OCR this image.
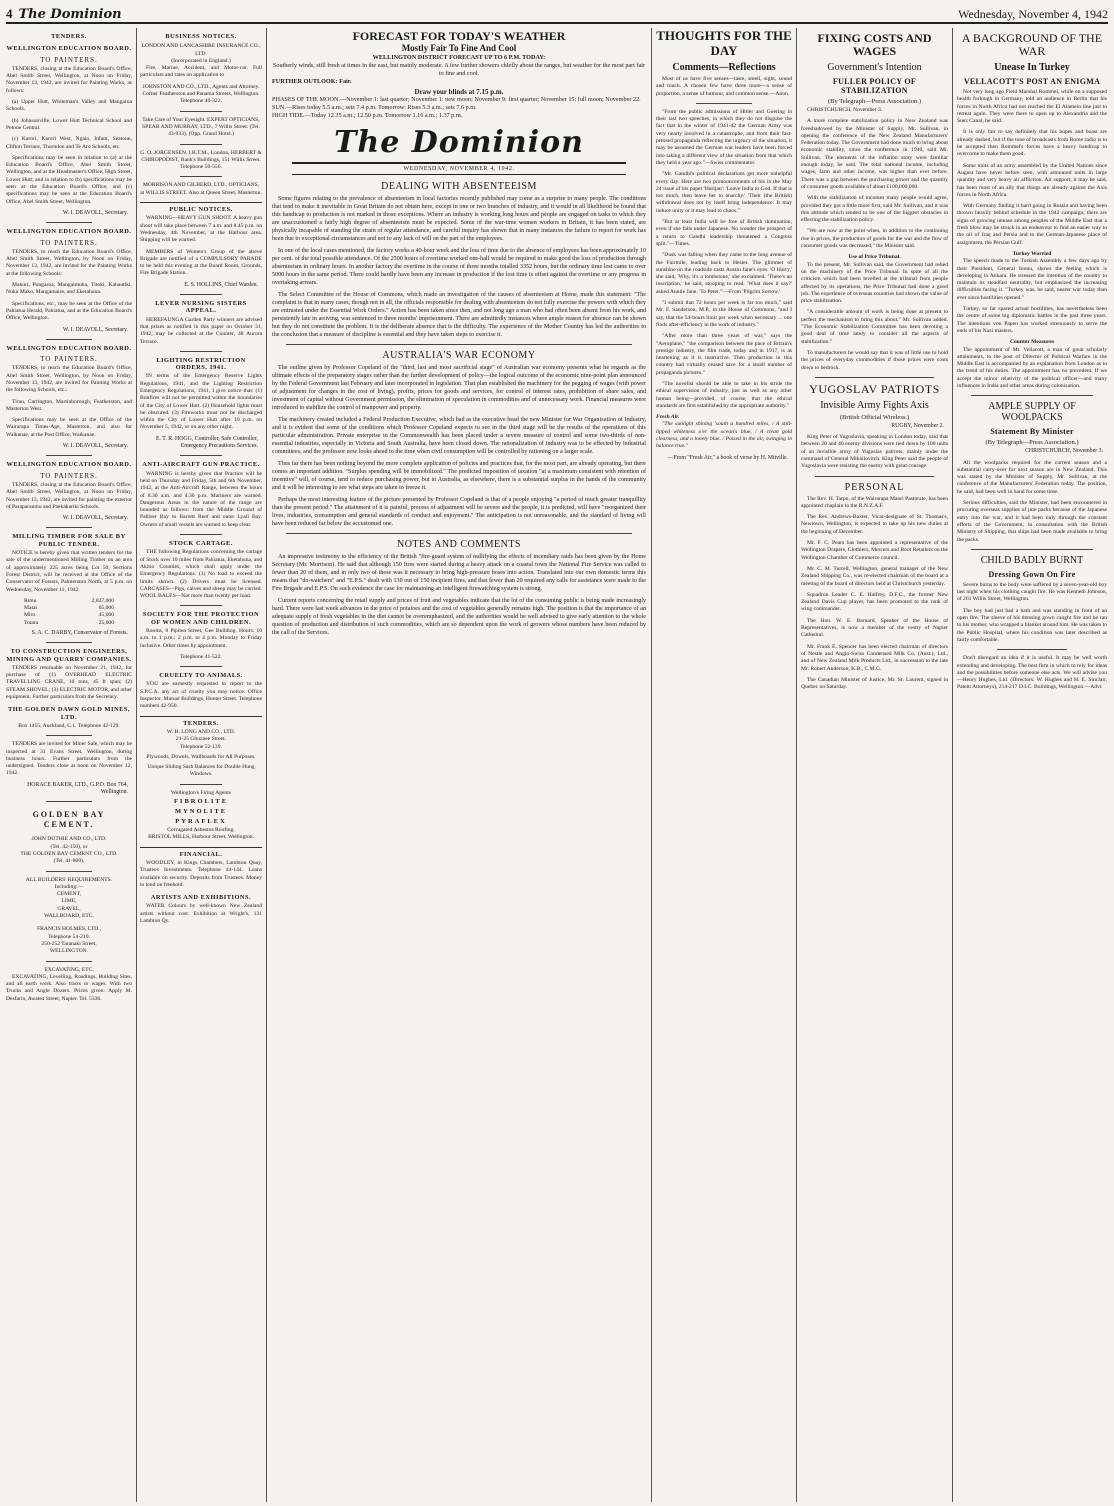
4 The Dominion	Wednesday, November 4, 1942
TENDERS.
WELLINGTON EDUCATION BOARD.
TO PAINTERS.

TENDERS, closing at the Education Board's Office, Abel Smith Street, Wellington, at Noon on Friday, November 13, 1942, are invited for Painting Works, as follows:

(a) Upper Hutt, Whiteman's Valley and Mangaroa Schools.

(b) Johnsonville, Lower Hutt Technical School and Petone Central.

(c) Karori, Karori West, Ngaio, Infant, Seatoun, Clifton Terrace, Thorndon and Te Aro Schools, etc.

Specifications may be seen in relation to (a) at the Education Board's Office, Abel Smith Street, Wellington, and at the Headmaster's Office, High Street, Lower Hutt; and in relation to (b) specifications may be seen at the Education Board's Office; and (c) specifications may be seen at the Education Board's Office, Abel Smith Street, Wellington.

W. I. DEAVOLL, Secretary.
WELLINGTON EDUCATION BOARD.
TO PAINTERS.

TENDERS, to reach the Education Board's Office, Abel Smith Street, Wellington, by Noon on Friday, November 13, 1942, are invited for the Painting Works at the following Schools:

Makuri, Pongaroa, Mangaimuka, Titoki, Kahautiki, Nuku Mako, Mangamaire, and Eketahuna.

Specifications, etc., may be seen at the Office of the Pahiatua Herald, Pahiatua, and at the Education Board's Office, Wellington.

W. I. DEAVOLL, Secretary.
WELLINGTON EDUCATION BOARD.
TO PAINTERS.

TENDERS, to reach the Education Board's Office, Abel Smith Street, Wellington, by Noon on Friday, November 13, 1942, are invited for Painting Works at the following Schools, etc.:

Tirau, Carrington, Martinborough, Featherston, and Masterton West.

Specifications may be seen at the Office of the Wairarapa Times-Age, Masterton, and also for Waikanae, at the Post Office, Waikanae.

W. I. DEAVOLL, Secretary.
WELLINGTON EDUCATION BOARD.
TO PAINTERS.

TENDERS, closing at the Education Board's Office, Abel Smith Street, Wellington, at Noon on Friday, November 13, 1942, are invited for painting the exterior of Paraparaumu and Paekakariki Schools.

W. I. DEAVOLL, Secretary.
MILLING TIMBER FOR SALE BY PUBLIC TENDER.

NOTICE is hereby given that written tenders for the sale of the undermentioned Milling Timber on an area of approximately 225 acres being Lot 50, Sections Forest District, will be received at the Office of the Conservator of Forests, Palmerston North, at 5 p.m. on Wednesday, November 11, 1942.

Rimu	2,837,000
Matai	65,000
Miro	45,000
Totara	25,000
S. A. C. DARBY, Conservator of Forests.
TO CONSTRUCTION ENGINEERS, MINING AND QUARRY COMPANIES.

TENDERS returnable on November 21, 1942, for purchase of (1) OVERHEAD ELECTRIC TRAVELLING CRANE, 10 tons, 45 ft span; (2) STEAM SHOVEL; (3) ELECTRIC MOTOR, and other equipment. Further particulars from the Secretary.

THE GOLDEN DAWN GOLD MINES, LTD.
Box 1455, Auckland, C.1. Telephone 42-129.

TENDERS are invited for Miner Sale, which may be inspected at 31 Evans Street, Wellington, during business hours. Further particulars from the undersigned. Tenders close at noon on November 12, 1942.

HORACE BAKER, LTD., G.P.O. Box 764, Wellington.
GOLDEN BAY CEMENT.
JOHN DUTHIE AND CO., LTD.
(Tel. 42-150), or
THE GOLDEN BAY CEMENT CO., LTD.
(Tel. 41-800).
ALL BUILDERS' REQUIREMENTS.
Including:—
CEMENT,
LIME,
GRAVEL,
WALLBOARD, ETC.
FRANCIS HOLMES, LTD.,
Telephone 54-210.
250-252 Taranaki Street,
WELLINGTON.
EXCAVATING, ETC.

EXCAVATING, Levelling, Roadings, Building Sites, and all earth work. Also tracts or wages. With two Trucks and Angle Dozers. Prices given. Apply M. Desfarin, Awatea Street, Napier. Tel. 5336.

BUSINESS NOTICES.
LONDON AND LANCASHIRE INSURANCE CO., LTD.
(Incorporated in England.)

Fire, Marine, Accident, and Motor-car. Full particulars and rates on application to

JOHNSTON AND CO., LTD., Agents and Attorney.
Corner Featherston and Panama Streets, Wellington. Telephone 40-322.
Take Care of Your Eyesight. EXPERT OPTICIANS, SPEAR AND MURRAY, LTD., 7 Willis Street. (Tel. 43-933), (Opp. Grand Hotel.)
G. O. JORGENSEN, I.R.T.M., London, HERBERT & CHIROPODIST, Bank's Buildings, 151 Willis Street. Telephone 50-556.
MORRISON AND GILBERD, LTD., OPTICIANS,
at WILLIS STREET. Also at Queen Street, Masterton.
PUBLIC NOTICES.

WARNING—HEAVY GUN SHOOT. A heavy gun shoot will take place between 7 a.m. and 8.45 p.m. on Wednesday, 4th November, at the Harbour area. Shipping will be warned.

MEMBERS of Women's Group of the above Brigade are notified of a COMPULSORY PARADE to be held this evening at the Board Room, Grounds, Fire Brigade Station.

E. S. HOLLINS, Chief Warden.
LEVER NURSING SISTERS APPEAL.

HEREFAUNGA Garden Party winners are advised that prizes as notified in this paper on October 31, 1942, may be collected at the Counter, 48 Aurora Terrace.

LIGHTING RESTRICTION ORDERS, 1941.

IN terms of the Emergency Reserve Lights Regulations, 1941, and the Lighting Restriction Emergency Regulations, 1941, I give notice that: (1) Bonfires will not be permitted within the boundaries of the City of Lower Hutt. (2) Household lights must be obscured. (3) Fireworks must not be discharged within the City of Lower Hutt after 10 p.m. on November 5, 1942, or on any other night.

E. T. R. HOGG, Controller, Safe Controller, Emergency Precautions Services.
ANTI-AIRCRAFT GUN PRACTICE.

WARNING is hereby given that Practice will be held on Thursday and Friday, 5th and 6th November, 1942, at the Anti-Aircraft Range, between the hours of 8.30 a.m. and 4.30 p.m. Mariners are warned. Dangerous Areas in the nature of the range are bounded as follows: from the Middle Ground of Palliser Bay to Barrett Reef and outer Lyall Bay. Owners of small vessels are warned to keep clear.

STOCK CARTAGE.

THE following Regulations concerning the cartage of Stock over 10 miles from Pahiatua, Eketahuna, and Akitio Counties, which shall apply under the Emergency Regulations. (1) No load to exceed the limits shown. (2) Drivers must be licensed. CARCASES—Pigs, calves and sheep may be carried. WOOL BALES—Not more than twenty per load.

SOCIETY FOR THE PROTECTION OF WOMEN AND CHILDREN.

Rooms, 8 Pipitea Street, Gee Building. Hours: 10 a.m. to 1 p.m.; 2 p.m. to 4 p.m. Monday to Friday inclusive. Other times by appointment.

Telephone 41-522.
CRUELTY TO ANIMALS.

YOU are earnestly requested to report to the S.P.C.A. any act of cruelty you may notice. Office Inspector, Mutual Buildings, Hunter Street. Telephone numbers 42-950.

TENDERS.
W. H. LONG AND CO., LTD.
21-25 Ghuznee Street.
Telephone 52-139.
Plywoods, Dowels, Wallboards for All Purposes.
Unique Sliding Sash Balances for Double Hung Windows.
Wellington's Firing Agents
FIBROLITE
MYNOLITE
PYRAFLEX
Corrugated Asbestos Roofing.
BRISTOL MILLS, Harbour Street, Wellington.
FINANCIAL.

WOODLEY, in Kings Chambers, Lambton Quay, Trustees Investments. Telephone 44-144. Loans available on security. Deposits from Trustees. Money to lend on freehold.

ARTISTS AND EXHIBITIONS.

WATER Colours by well-known New Zealand artists without cost. Exhibition at Wright's, 131 Lambton Qy.

FORECAST FOR TODAY'S WEATHER
Mostly Fair To Fine And Cool
WELLINGTON DISTRICT FORECAST UP TO 6 P.M. TODAY:
Southerly winds, still fresh at times in the east, but mainly moderate. A few further showers chiefly about the ranges, but weather for the most part fair to fine and cool.
FURTHER OUTLOOK: Fair.
Draw your blinds at 7.15 p.m.
PHASES OF THE MOON.—November 1: last quarter; November 1: new moon; November 9: first quarter; November 15: full moon; November 22.
SUN.—Rises today 5.5 a.m.; sets 7.4 p.m. Tomorrow: Rises 5.3 a.m.; sets 7.6 p.m.
HIGH TIDE.—Today 12.35 a.m.; 12.50 p.m. Tomorrow 1.16 a.m.; 1.37 p.m.
The Dominion
WEDNESDAY, NOVEMBER 4, 1942.
DEALING WITH ABSENTEEISM

Some figures relating to the prevalence of absenteeism in local factories recently published may come as a surprise to many people. The conditions that tend to make it inevitable in Great Britain do not obtain here, except in one or two branches of industry, and it would in all likelihood be found that this handicap to production is not marked in those exceptions. Where an industry is working long hours and people are engaged on tasks to which they are unaccustomed a fairly high degree of absenteeism must be expected. Some of the war-time women workers in Britain, it has been stated, are physically incapable of standing the strain of regular attendance, and careful inquiry has shown that in many instances the failure to report for work has been due to exceptional circumstances and not to any lack of will on the part of the employees.

In one of the local cases mentioned, the factory works a 40-hour week and the loss of time due to the absence of employees has been approximately 10 per cent. of the total possible attendance. Of the 2500 hours of overtime worked one-half would be required to make good the loss of production through absenteeism in ordinary hours. In another factory the overtime in the course of three months totalled 3352 hours, but the ordinary time lost came to over 5000 hours in the same period. There could hardly have been any increase in production if the lost time is offset against the overtime or any progress in overtaking arrears.

The Select Committee of the House of Commons, which made an investigation of the causes of absenteeism at Home, made this statement: "The complaint is that in many cases, though not in all, the officials responsible for dealing with absenteeism do not fully exercise the powers with which they are entrusted under the Essential Work Orders." Action has been taken since then, and not long ago a man who had often been absent from his work, and persistently late in arriving, was sentenced to three months' imprisonment. There are admittedly instances where ample reason for absence can be shown but they do not constitute the problem. It is the deliberate absence that is the difficulty. The experience of the Mother Country has led the authorities to the conclusion that a measure of discipline is essential and they have taken steps to exercise it.

AUSTRALIA'S WAR ECONOMY

The outline given by Professor Copeland of the "third, last and most sacrificial stage" of Australian war economy presents what he regards as the ultimate effects of the preparatory stages rather than the further development of policy—the logical outcome of the economic nine-point plan announced by the Federal Government last February and later incorporated in legislation. That plan established the machinery for the pegging of wages (with power of adjustment for changes in the cost of living), profits, prices for goods and services, for control of interest rates, prohibition of share sales, and investment of capital without Government permission, the elimination of speculation in commodities and of unnecessary work. Financial measures were introduced to stabilize the control of manpower and property.

The machinery created included a Federal Production Executive, which had as the executive head the new Minister for War Organization of Industry, and it is evident that some of the conditions which Professor Copeland expects to see in the third stage will be the results of the operations of this particular administration. Private enterprise in the Commonwealth has been placed under a severe measure of control and some two-thirds of non-essential industries, especially in Victoria and South Australia, have been closed down. The rationalization of industry was to be effected by industrial committees, and the professor now looks ahead to the time when civil consumption will be controlled by rationing on a larger scale.

Thus far there has been nothing beyond the more complete application of policies and practices that, for the most part, are already operating, but there comes an important addition. "Surplus spending will be immobilized." The predicted imposition of taxation "at a maximum consistent with retention of incentive" will, of course, tend to reduce purchasing power, but in Australia, as elsewhere, there is a substantial surplus in the hands of the community and it will be interesting to see what steps are taken to freeze it.

Perhaps the most interesting feature of the picture presented by Professor Copeland is that of a people enjoying "a period of much greater tranquillity than the present period." The attainment of it is painful, process of adjustment will be severe and the people, it is predicted, will have "reorganized their lives, industries, consumption and general standards of conduct and enjoyment." The anticipation is not unreasonable, and the standard of living will have been reduced far below the accustomed one.

NOTES AND COMMENTS

An impressive testimony to the efficiency of the British "fire-guard system of nullifying the effects of incendiary raids has been given by the Home Secretary (Mr. Morrison). He said that although 150 fires were started during a heavy attack on a coastal town the National Fire Service was called to fewer than 20 of them, and in only two of these was it necessary to bring high-pressure hoses into action. Translated into our own domestic terms this means that "do-watchers" and "E.P.S." dealt with 130 out of 150 incipient fires, and that fewer than 20 required any calls for assistance were made to the Fire Brigade and E.P.S. On such evidence the case for maintaining an intelligent firewatching system is strong.

Current reports concerning the retail supply and prices of fruit and vegetables indicate that the lot of the consuming public is being made increasingly hard. There were last week advances in the price of potatoes and the cost of vegetables generally remains high. The position is that the importance of an adequate supply of fresh vegetables in the diet cannot be overemphasized, and the authorities would be well advised to give early attention to the whole question of production and distribution of such commodities, which are so dependent upon the work of growers whose numbers have been reduced by the call of the Services.

THOUGHTS FOR THE DAY
Comments—Reflections

Most of us have five senses—taste, smell, sight, sound and touch. A chosen few have three more—a sense of proportion, a sense of humour, and common sense.—Anon.

"From the public admissions of Hitler and Goering in their last two speeches, in which they do not disguise the fact that in the winter of 1941-42 the German Army was very nearly involved in a catastrophe, and from their fast-pressed propaganda reflecting the urgency of the situation, it may be assumed the German war leaders have been forced into taking a different view of the situation from that which they held a year ago."—Swiss commentator.

"Mr. Gandhi's political declarations get more unhelpful every day. Here are two pronouncements of his in the May 24 issue of his paper 'Harijan': 'Leave India to God. If that is too much, then leave her to anarchy.' 'Their (the British) withdrawal does not by itself bring independence. It may induce unity or it may lead to chaos.'"

"But at least India will be free of British domination, even if she falls under Japanese. No wonder the prospect of a return to Gandhi leadership threatened a Congress split."—Times.

"Dusk was falling when they came to the long avenue of the Fairmile, leading back to Hester. The glimmer of sunshine on the roadside casts Austin Jane's eyes. 'O Harry,' she said, 'Why, it's a tombstone,' she exclaimed. 'There's an inscription,' he said, stooping to read. 'What does it say?' asked Auntie Jane. 'To Peter.'"—From 'Pilgrim Sorrow.'

"I submit that 72 hours per week is far too much," said Mr. F. Sanderson, M.P., in the House of Commons, "and I say, that the 54-hours limit per week when necessary ... one finds after-efficiency in the work of industry."

"After more than three years of war," says the "Aeroplane," "the comparison between the pace of Britain's prestige industry, the film trade, today and in 1917, is as heartening as it is instructive. Then production in this country had virtually ceased save for a small number of propaganda pictures."

"The novelist should be able to take in his stride the ethical supervision of industry, just as well as any other human being—provided, of course, that the ethical standards are first established by the appropriate authority."

Fresh Air.

"The sunlight shining 'south a hundred miles, / A still-lipped whiteness o'er the ocean's blue, / A clean gold clearness, and a lonely blue. / Poised in the air, swinging in balance true."

—From "Fresh Air," a book of verse by H. Mitville.
FIXING COSTS AND WAGES
Government's Intention
FULLER POLICY OF STABILIZATION
(By Telegraph—Press Association.)

CHRISTCHURCH, November 3.

A more complete stabilization policy in New Zealand was foreshadowed by the Minister of Supply, Mr. Sullivan, in opening the conference of the New Zealand Manufacturers' Federation today. The Government had done much to bring about economic stability, since the conference in 1940, said Mr. Sullivan. The elements of the inflation story were familiar enough today, he said. The total national income, including wages, farm and other income, was higher than ever before. There was a gap between the purchasing power and the quantity of consumer goods available of about £100,000,000.

With the stabilization of incomes many people would agree, provided they got a little more first, said Mr. Sullivan, and it was this attitude which tended to be one of the biggest obstacles in effecting the stabilization policy.

"We are now at the point when, in addition to the continuing rise in prices, the production of goods for the war and the flow of consumer goods was decreased," the Minister said.

Use of Price Tribunal.

To the present, Mr. Sullivan said, the Government had relied on the machinery of the Price Tribunal. In spite of all the criticism which had been levelled at the tribunal from people affected by its operations, the Price Tribunal had done a good job. The experience of overseas countries had shown the value of price stabilization.

"A considerable amount of work is being done at present to perfect the mechanism to bring this about," Mr. Sullivan added. "The Economic Stabilization Committee has been devoting a good deal of time lately to consider all the aspects of stabilization."

To manufacturers he would say that it was of little use to hold the prices of everyday commodities if those prices were costs down to bedrock.

YUGOSLAV PATRIOTS
Invisible Army Fights Axis
(British Official Wireless.)
RUGBY, November 2.

King Peter of Yugoslavia, speaking in London today, said that between 20 and 40 enemy divisions were tied down by 100 units of an invisible army of Yugoslav patriots, mainly under the command of General Mihailovitch. King Peter said the people of Yugoslavia were resisting the enemy with great courage.

PERSONAL

The Rev. H. Tarpo, of the Wairarapa Maori Pastorate, has been appointed chaplain to the R.N.Z.A.F.

The Rev. Andrews-Baxter, Vicar-designate of St. Thomas's, Newtown, Wellington, is expected to take up his new duties at the beginning of December.

Mr. F. C. Pears has been appointed a representative of the Wellington Drapers, Clothiers, Mercers and Boot Retailers on the Wellington Chamber of Commerce council.

Mr. C. M. Turrell, Wellington, general manager of the New Zealand Shipping Co., was re-elected chairman of the board at a meeting of the board of directors held at Christchurch yesterday.

Squadron Leader C. E. Halfrey, D.F.C., the former New Zealand Davis Cup player, has been promoted to the rank of wing commander.

The Hon. W. E. Barnard, Speaker of the House of Representatives, is now a member of the vestry of Napier Cathedral.

Mr. Frank E. Spencer has been elected chairman of directors of Nestle and Anglo-Swiss Condensed Milk Co. (Aust.), Ltd., and of New Zealand Milk Products Ltd., in succession to the late Mr. Robert Anderson, K.B., C.M.G.

The Canadian Minister of Justice, Mr. St. Laurent, signed in Quebec on Saturday.

A BACKGROUND OF THE WAR
Unease In Turkey
VELLACOTT'S POST AN ENIGMA

Not very long ago Field Marshal Rommel, while on a supposed health furlough in Germany, told an audience in Berlin that his forces in North Africa had not reached the El Alamein line just to retreat again. They were there to open up to Alexandria and the Suez Canal, he said.

It is only fair to say definitely that his hopes and boast are already dashed, but if the tone of broadcasts from Rome radio is to be accepted then Rommel's forces have a heavy handicap to overcome to make them good.

Some units of an army assembled by the United Nations since August have never before seen, with armoured units in large quantity and very heavy air affliction. Air support, it may be said, has been most of an ally that things are already against the Axis forces in North Africa.

With Germany finding it hard going in Russia and having been thrown heavily behind schedule in the 1942 campaign, there are signs of growing unease among peoples of the Middle East that a fresh blow may be struck in an endeavour to find an easier way to the oil of Iraq and Persia and to the German-Japanese place of assignment, the Persian Gulf.

Turkey Worried

The speech made to the Turkish Assembly a few days ago by their President, General Inonu, shows the feeling which is developing in Ankara. He stressed the intention of the country to maintain its steadfast neutrality, but emphasized the increasing difficulties facing it. "Turkey was, he said, nearer war today than ever since hostilities opened."

Turkey, so far spared actual hostilities, has nevertheless been the centre of some big diplomatic battles in the past three years. The intentions von Papen has worked strenuously to serve the ends of his Nazi masters.

Counter Measures

The appointment of Mr. Vellacott, a man of great scholarly attainments, to the post of Director of Political Warfare in the Middle East is accompanied by an explanation from London as to the trend of his duties. The appointment has no precedent. If we accept the minor relativity of the political officer—and many influences in India and other areas during colonization.

AMPLE SUPPLY OF WOOLPACKS
Statement By Minister
(By Telegraph—Press Association.)
CHRISTCHURCH, November 3.

All the woolpacks required for the current season and a substantial carry-over for next season are in New Zealand. This was stated by the Minister of Supply, Mr. Sullivan, at the conference of the Manufacturers' Federation today. The position, he said, had been well in hand for some time.

Serious difficulties, said the Minister, had been encountered in procuring overseas supplies of jute packs because of the Japanese entry into the war, and it had been only through the constant efforts of the Government, in consultation with the British Ministry of Shipping, that ships had been made available to bring the packs.

CHILD BADLY BURNT
Dressing Gown On Fire

Severe burns to the body were suffered by a seven-year-old boy last night when his clothing caught fire. He was Kenneth Johnson, of 261 Willis Street, Wellington.

The boy had just had a bath and was standing in front of an open fire. The sleeve of his dressing gown caught fire and he ran to his mother, who wrapped a blanket around him. He was taken to the Public Hospital, where his condition was later described as fairly comfortable.

Don't disregard an idea if it is useful. It may be well worth extending and developing. The best firm in which to rely for ideas and the possibilities before someone else acts. We will advise you—Henry Hughes, Ltd. (Directors: W. Hughes and H. E. Sinclair, Patent Attorneys), 214-217 D.I.C. Buildings, Wellington.—Advt.
